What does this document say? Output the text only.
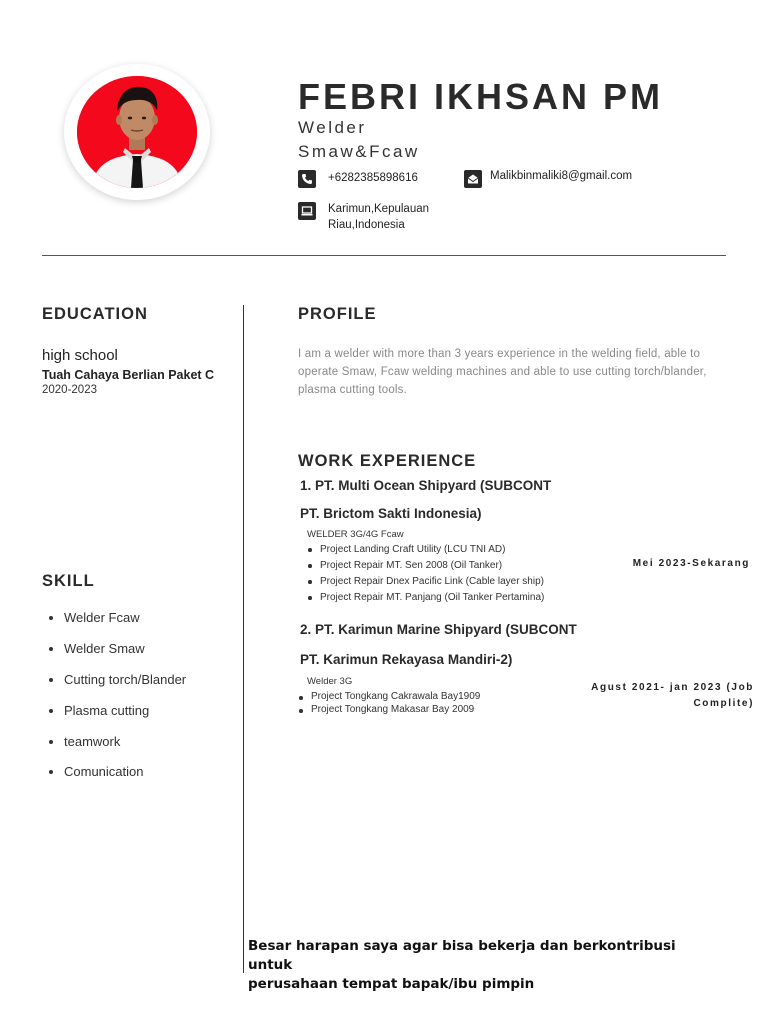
FEBRI IKHSAN PM
Welder
Smaw&Fcaw
+6282385898616	Malikbinmaliki8@gmail.com
Karimun,Kepulauan
Riau,Indonesia
EDUCATION
high school
Tuah Cahaya Berlian Paket C
2020-2023
SKILL
Welder Fcaw
Welder Smaw
Cutting torch/Blander
Plasma cutting
teamwork
Comunication
PROFILE
I am a welder with more than 3 years experience in the welding field, able to operate Smaw, Fcaw welding machines and able to use cutting torch/blander, plasma cutting tools.
WORK EXPERIENCE
1. PT. Multi Ocean Shipyard (SUBCONT
PT. Brictom Sakti Indonesia)
WELDER 3G/4G Fcaw
Project Landing Craft Utility (LCU TNI AD)
Project Repair MT. Sen 2008 (Oil Tanker)
Project Repair Dnex Pacific Link (Cable layer ship)
Project Repair MT. Panjang (Oil Tanker Pertamina)
Mei 2023-Sekarang
2. PT. Karimun Marine Shipyard (SUBCONT
PT. Karimun Rekayasa Mandiri-2)
Welder 3G
Project Tongkang Cakrawala Bay1909
Project Tongkang Makasar Bay 2009
Agust 2021- jan 2023 (Job
Complite)
Besar harapan saya agar bisa bekerja dan berkontribusi untuk
perusahaan tempat bapak/ibu pimpin
